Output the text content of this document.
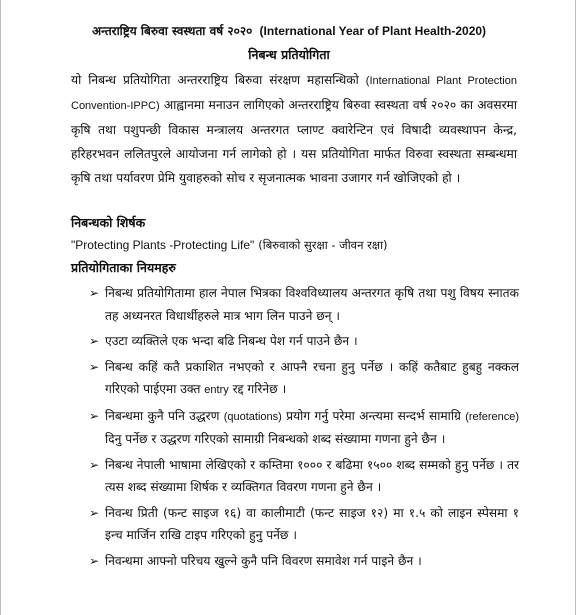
अन्तराष्ट्रिय बिरुवा स्वस्थता वर्ष २०२० (International Year of Plant Health-2020)
निबन्ध प्रतियोगिता
यो निबन्ध प्रतियोगिता अन्तरराष्ट्रिय बिरुवा संरक्षण महासन्धिको (International Plant Protection Convention-IPPC) आह्वानमा मनाउन लागिएको अन्तरराष्ट्रिय बिरुवा स्वस्थता वर्ष २०२० का अवसरमा कृषि तथा पशुपन्छी विकास मन्त्रालय अन्तरगत प्लाण्ट क्वारेन्टिन एवं विषादी व्यवस्थापन केन्द्र, हरिहरभवन ललितपुरले आयोजना गर्न लागेको हो । यस प्रतियोगिता मार्फत विरुवा स्वस्थता सम्बन्धमा कृषि तथा पर्यावरण प्रेमि युवाहरुको सोच र सृजनात्मक भावना उजागर गर्न खोजिएको हो ।
निबन्धको शिर्षक
"Protecting Plants -Protecting Life" (बिरुवाको सुरक्षा - जीवन रक्षा)
प्रतियोगिताका नियमहरु
➢ निबन्ध प्रतियोगितामा हाल नेपाल भित्रका विश्वविध्यालय अन्तरगत कृषि तथा पशु विषय स्नातक तह अध्यनरत विधार्थीहरुले मात्र भाग लिन पाउने छन् ।
➢ एउटा व्यक्तिले एक भन्दा बढि निबन्ध पेश गर्न पाउने छैन ।
➢ निबन्ध कहिं कतै प्रकाशित नभएको र आफ्नै रचना हुनु पर्नेछ । कहिं कतैबाट हुबहु नक्कल गरिएको पाईएमा उक्त entry रद्द गरिनेछ ।
➢ निबन्धमा कुनै पनि उद्धरण (quotations) प्रयोग गर्नु परेमा अन्त्यमा सन्दर्भ सामाग्रि (reference) दिनु पर्नेछ र उद्धरण गरिएको सामाग्री निबन्धको शब्द संख्यामा गणना हुने छैन ।
➢ निबन्ध नेपाली भाषामा लेखिएको र कम्तिमा १००० र बढिमा १५०० शब्द सम्मको हुनु पर्नेछ । तर त्यस शब्द संख्यामा शिर्षक र व्यक्तिगत विवरण गणना हुने छैन ।
➢ निवन्ध प्रिती (फन्ट साइज १६) वा कालीमाटी (फन्ट साइज १२) मा १.५ को लाइन स्पेसमा १ इन्च मार्जिन राखि टाइप गरिएको हुनु पर्नेछ ।
➢ निवन्धमा आफ्नो परिचय खुल्ने कुनै पनि विवरण समावेश गर्न पाइने छैन ।
